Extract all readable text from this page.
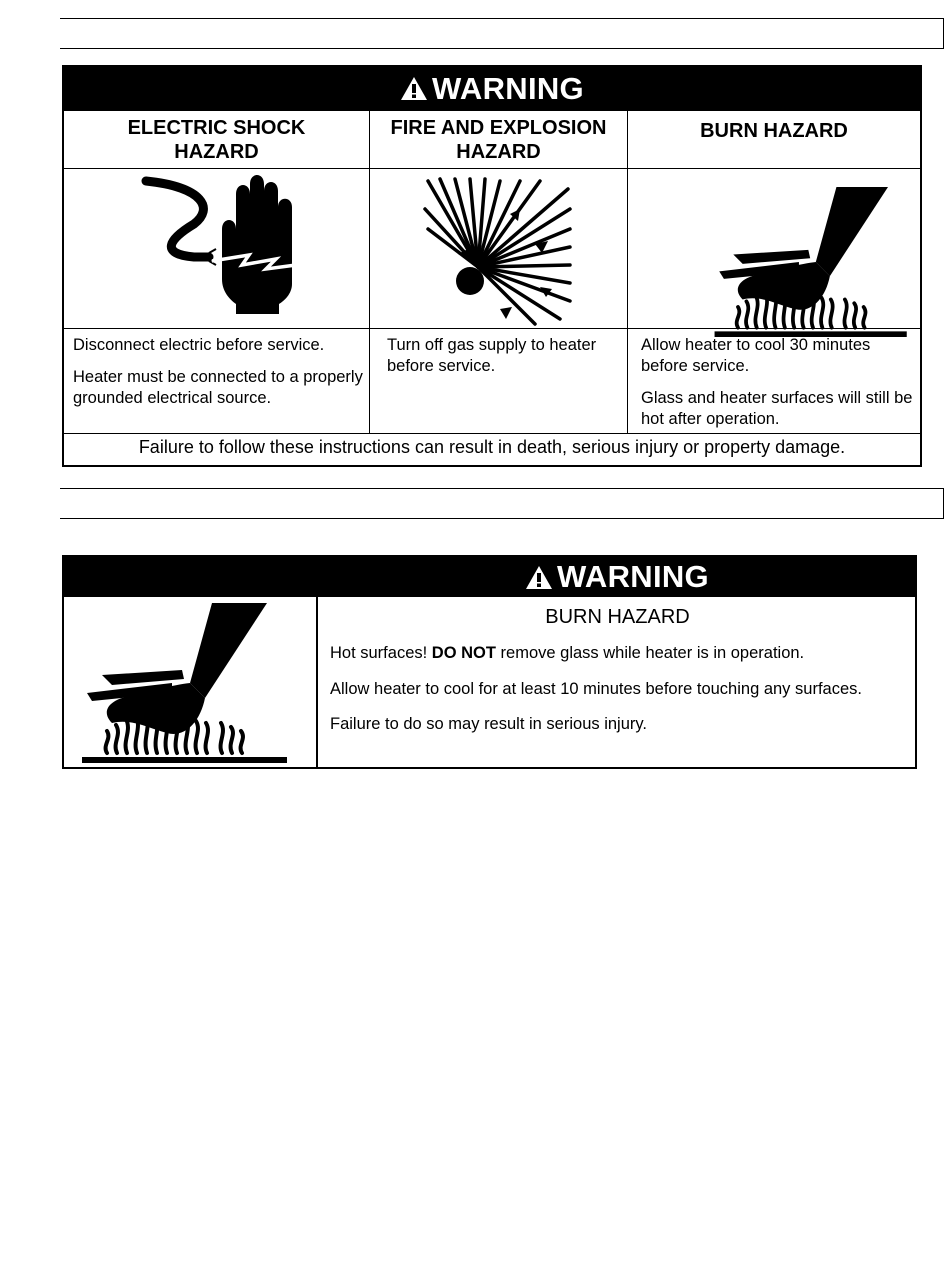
WARNING
ELECTRIC SHOCK
HAZARD
FIRE AND EXPLOSION
HAZARD
BURN HAZARD

Disconnect electric before service.

Heater must be connected to a properly grounded electrical source.

Turn off gas supply to heater before service.

Allow heater to cool 30 minutes before service.

Glass and heater surfaces will still be hot after operation.

Failure to follow these instructions can result in death, serious injury or property damage.
WARNING
BURN HAZARD

Hot surfaces! DO NOT remove glass while heater is in operation.

Allow heater to cool for at least 10 minutes before touching any surfaces.

Failure to do so may result in serious injury.
